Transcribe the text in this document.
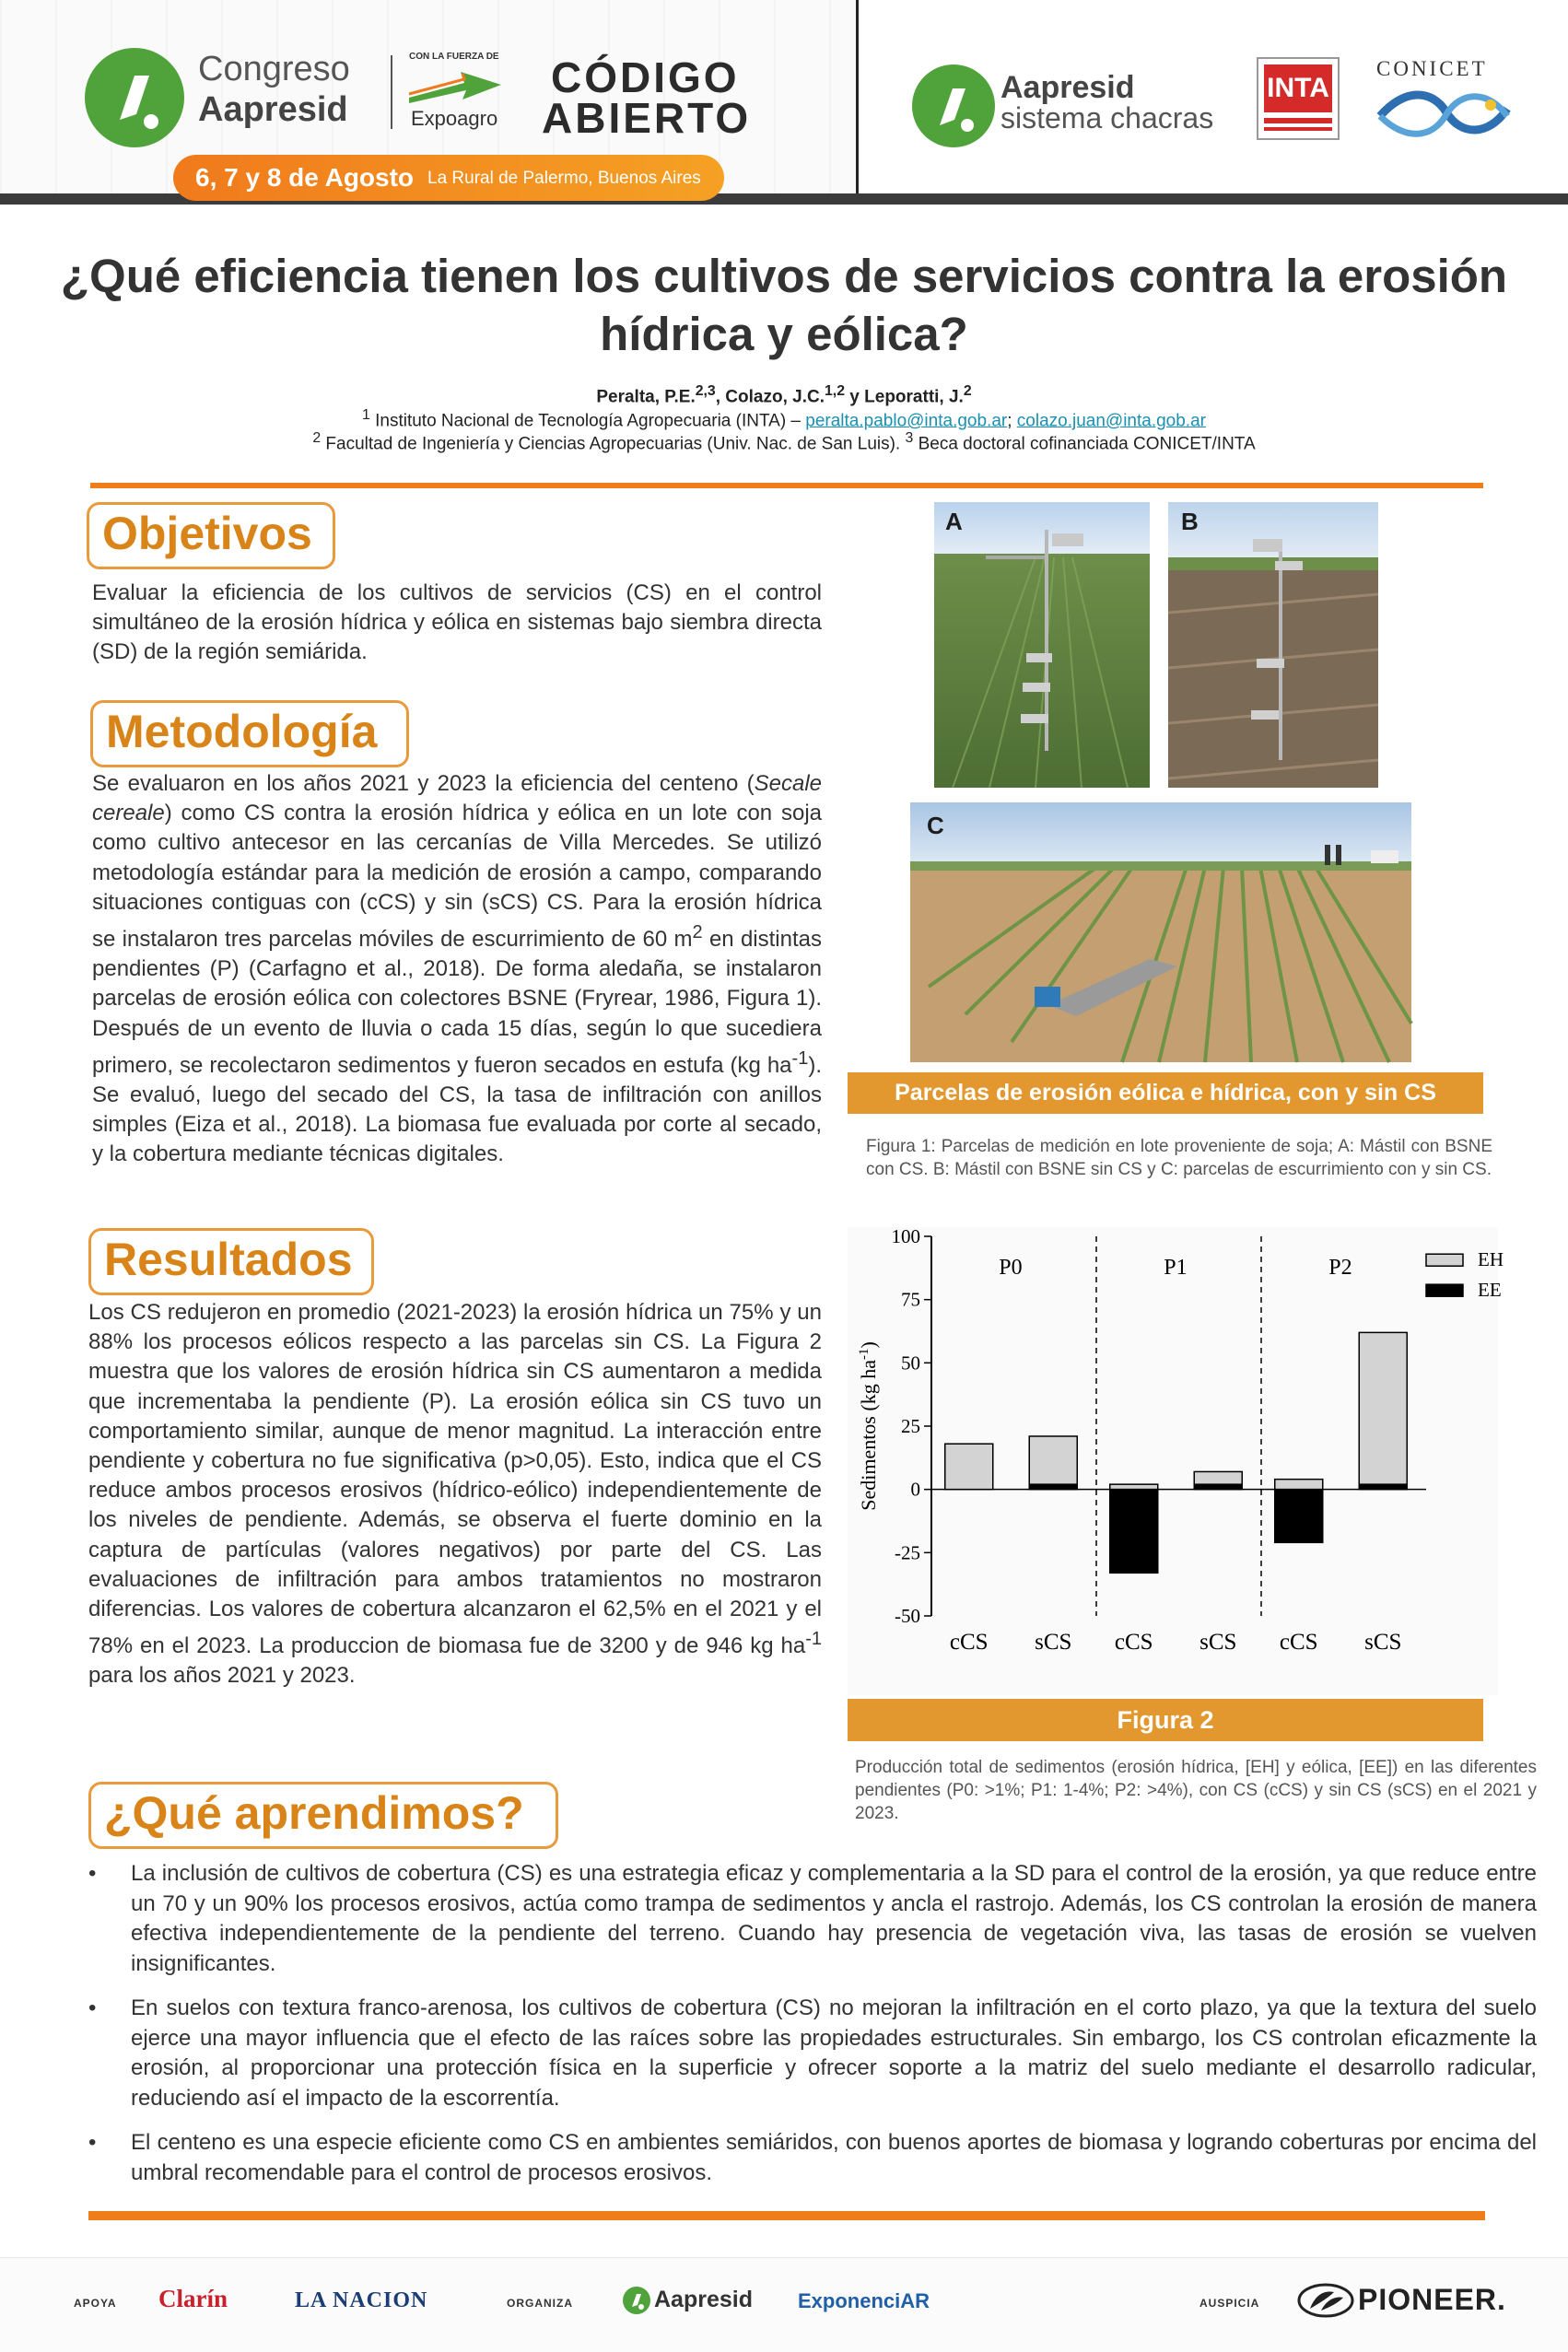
Congreso
Aapresid
CON LA FUERZA DE
Expoagro
CÓDIGO
ABIERTO
6, 7 y 8 de Agosto La Rural de Palermo, Buenos Aires
Aapresid
sistema chacras
INTA
CONICET
¿Qué eficiencia tienen los cultivos de servicios contra la erosión hídrica y eólica?
Peralta, P.E.$^{2,3}$, Colazo, J.C.$^{1,2}$ y Leporatti, J.$^2$
$^1$ Instituto Nacional de Tecnología Agropecuaria (INTA) – peralta.pablo@inta.gob.ar; colazo.juan@inta.gob.ar
$^2$ Facultad de Ingeniería y Ciencias Agropecuarias (Univ. Nac. de San Luis). $^3$ Beca doctoral cofinanciada CONICET/INTA
Objetivos
Evaluar la eficiencia de los cultivos de servicios (CS) en el control simultáneo de la erosión hídrica y eólica en sistemas bajo siembra directa (SD) de la región semiárida.
Metodología
Se evaluaron en los años 2021 y 2023 la eficiencia del centeno (Secale cereale) como CS contra la erosión hídrica y eólica en un lote con soja como cultivo antecesor en las cercanías de Villa Mercedes. Se utilizó metodología estándar para la medición de erosión a campo, comparando situaciones contiguas con (cCS) y sin (sCS) CS. Para la erosión hídrica se instalaron tres parcelas móviles de escurrimiento de 60 $m^2$ en distintas pendientes (P) (Carfagno et al., 2018). De forma aledaña, se instalaron parcelas de erosión eólica con colectores BSNE (Fryrear, 1986, Figura 1). Después de un evento de lluvia o cada 15 días, según lo que sucediera primero, se recolectaron sedimentos y fueron secados en estufa (kg $ha^{-1}$). Se evaluó, luego del secado del CS, la tasa de infiltración con anillos simples (Eiza et al., 2018). La biomasa fue evaluada por corte al secado, y la cobertura mediante técnicas digitales.
Resultados
Los CS redujeron en promedio (2021-2023) la erosión hídrica un 75% y un 88% los procesos eólicos respecto a las parcelas sin CS. La Figura 2 muestra que los valores de erosión hídrica sin CS aumentaron a medida que incrementaba la pendiente (P). La erosión eólica sin CS tuvo un comportamiento similar, aunque de menor magnitud. La interacción entre pendiente y cobertura no fue significativa (p>0,05). Esto, indica que el CS reduce ambos procesos erosivos (hídrico-eólico) independientemente de los niveles de pendiente. Además, se observa el fuerte dominio en la captura de partículas (valores negativos) por parte del CS. Las evaluaciones de infiltración para ambos tratamientos no mostraron diferencias. Los valores de cobertura alcanzaron el 62,5% en el 2021 y el 78% en el 2023. La produccion de biomasa fue de 3200 y de 946 kg $ha^{-1}$ para los años 2021 y 2023.
A	B
C
Parcelas de erosión eólica e hídrica, con y sin CS
Figura 1: Parcelas de medición en lote proveniente de soja; A: Mástil con BSNE con CS. B: Mástil con BSNE sin CS y C: parcelas de escurrimiento con y sin CS.
100
75
50
25
0
-25
-50
Sedimentos (kg $ha^{-1}$)
P0	P1	P2
cCS sCS cCS sCS cCS sCS
EH
EE
Figura 2
Producción total de sedimentos (erosión hídrica, [EH] y eólica, [EE]) en las diferentes pendientes (P0: >1%; P1: 1-4%; P2: >4%), con CS (cCS) y sin CS (sCS) en el 2021 y 2023.
¿Qué aprendimos?
• La inclusión de cultivos de cobertura (CS) es una estrategia eficaz y complementaria a la SD para el control de la erosión, ya que reduce entre un 70 y un 90% los procesos erosivos, actúa como trampa de sedimentos y ancla el rastrojo. Además, los CS controlan la erosión de manera efectiva independientemente de la pendiente del terreno. Cuando hay presencia de vegetación viva, las tasas de erosión se vuelven insignificantes.
• En suelos con textura franco-arenosa, los cultivos de cobertura (CS) no mejoran la infiltración en el corto plazo, ya que la textura del suelo ejerce una mayor influencia que el efecto de las raíces sobre las propiedades estructurales. Sin embargo, los CS controlan eficazmente la erosión, al proporcionar una protección física en la superficie y ofrecer soporte a la matriz del suelo mediante el desarrollo radicular, reduciendo así el impacto de la escorrentía.
• El centeno es una especie eficiente como CS en ambientes semiáridos, con buenos aportes de biomasa y logrando coberturas por encima del umbral recomendable para el control de procesos erosivos.
APOYA Clarín	LA NACION	ORGANIZA	Aapresid ExponenciAR	AUSPICIA	PIONEER.
